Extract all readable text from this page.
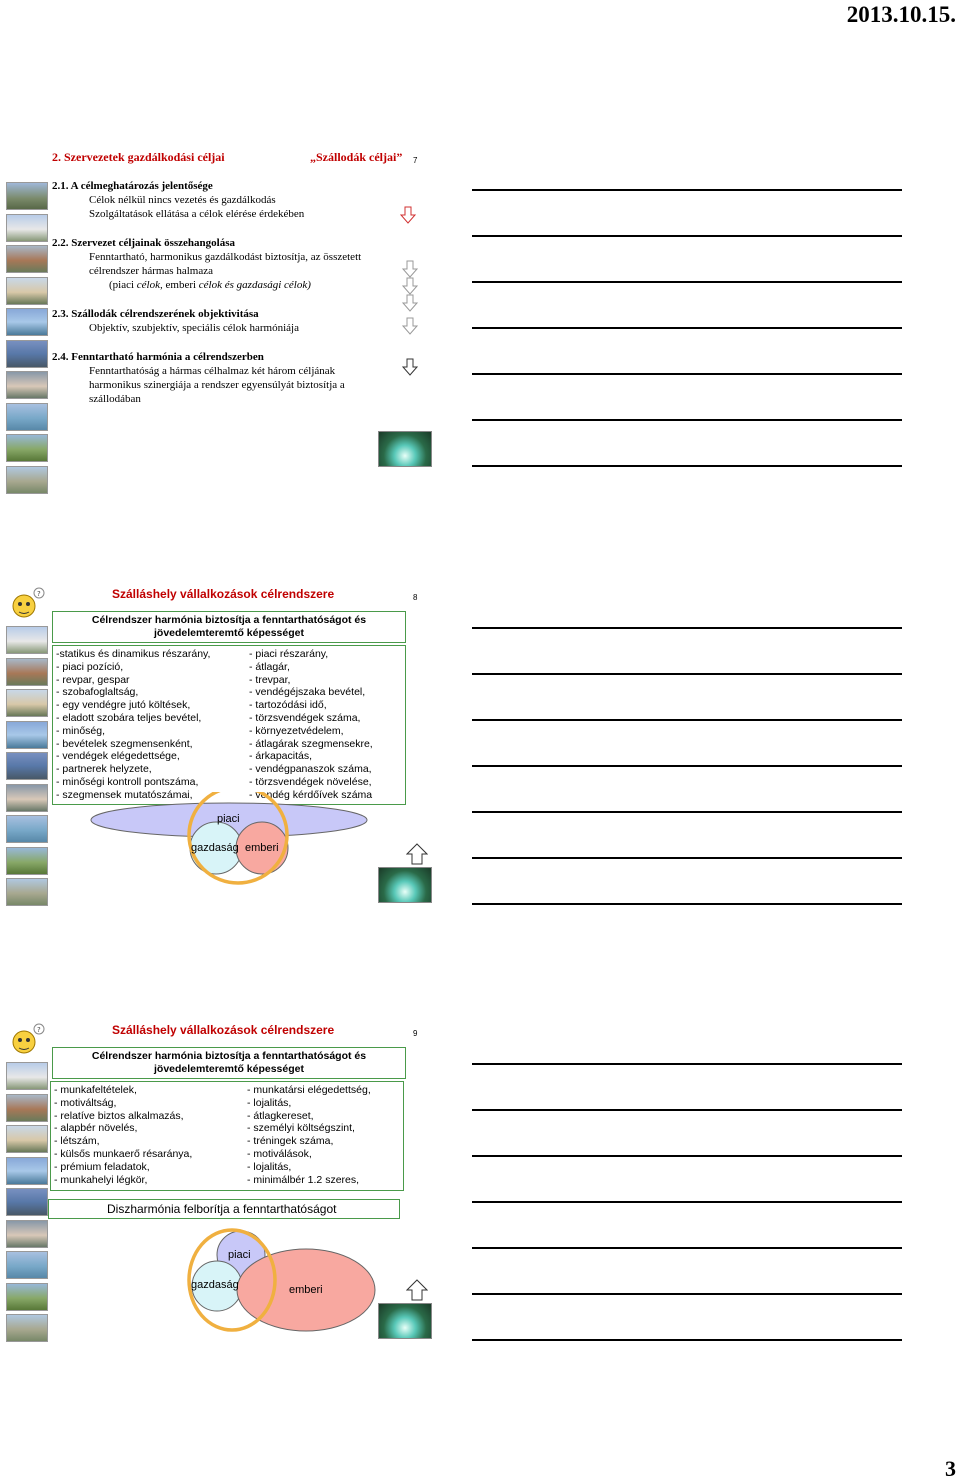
2013.10.15.
3
2. Szervezetek gazdálkodási céljai	„Szállodák céljai” 7
2.1. A célmeghatározás jelentősége
Célok nélkül nincs vezetés és gazdálkodás
Szolgáltatások ellátása a célok elérése érdekében
2.2. Szervezet céljainak összehangolása
Fenntartható, harmonikus gazdálkodást biztosítja, az összetett
célrendszer hármas halmaza
(piaci célok, emberi célok és gazdasági célok)
2.3. Szállodák célrendszerének objektivitása
Objektív, szubjektív, speciális célok harmóniája
2.4. Fenntartható harmónia a célrendszerben
Fenntarthatóság a hármas célhalmaz két három céljának
harmonikus szinergiája a rendszer egyensúlyát biztosítja a
szállodában
?	Szálláshely vállalkozások célrendszere	8
Célrendszer harmónia biztosítja a fenntarthatóságot és
jövedelemteremtő képességet
-statikus és dinamikus részarány,
- piaci pozíció,
- revpar, gespar
- szobafoglaltság,
- egy vendégre jutó költések,
- eladott szobára teljes bevétel,
- minőség,
- bevételek szegmensenként,
- vendégek elégedettsége,
- partnerek helyzete,
- minőségi kontroll pontszáma,
- szegmensek mutatószámai,
- piaci részarány,
- átlagár,
- trevpar,
- vendégéjszaka bevétel,
- tartozódási idő,
- törzsvendégek száma,
- környezetvédelem,
- átlagárak szegmensekre,
- árkapacitás,
- vendégpanaszok száma,
- törzsvendégek növelése,
- vendég kérdőívek száma
piaci
gazdaság emberi
?	Szálláshely vállalkozások célrendszere	9
Célrendszer harmónia biztosítja a fenntarthatóságot és
jövedelemteremtő képességet
- munkafeltételek,
- motiváltság,
- relatíve biztos alkalmazás,
- alapbér növelés,
- létszám,
- külsős munkaerő résaránya,
- prémium feladatok,
- munkahelyi légkör,
- munkatársi elégedettség,
- lojalitás,
- átlagkereset,
- személyi költségszint,
- tréningek száma,
- motiválások,
- lojalitás,
- minimálbér 1.2 szeres,
Diszharmónia felborítja a fenntarthatóságot
piaci
gazdaság	emberi
